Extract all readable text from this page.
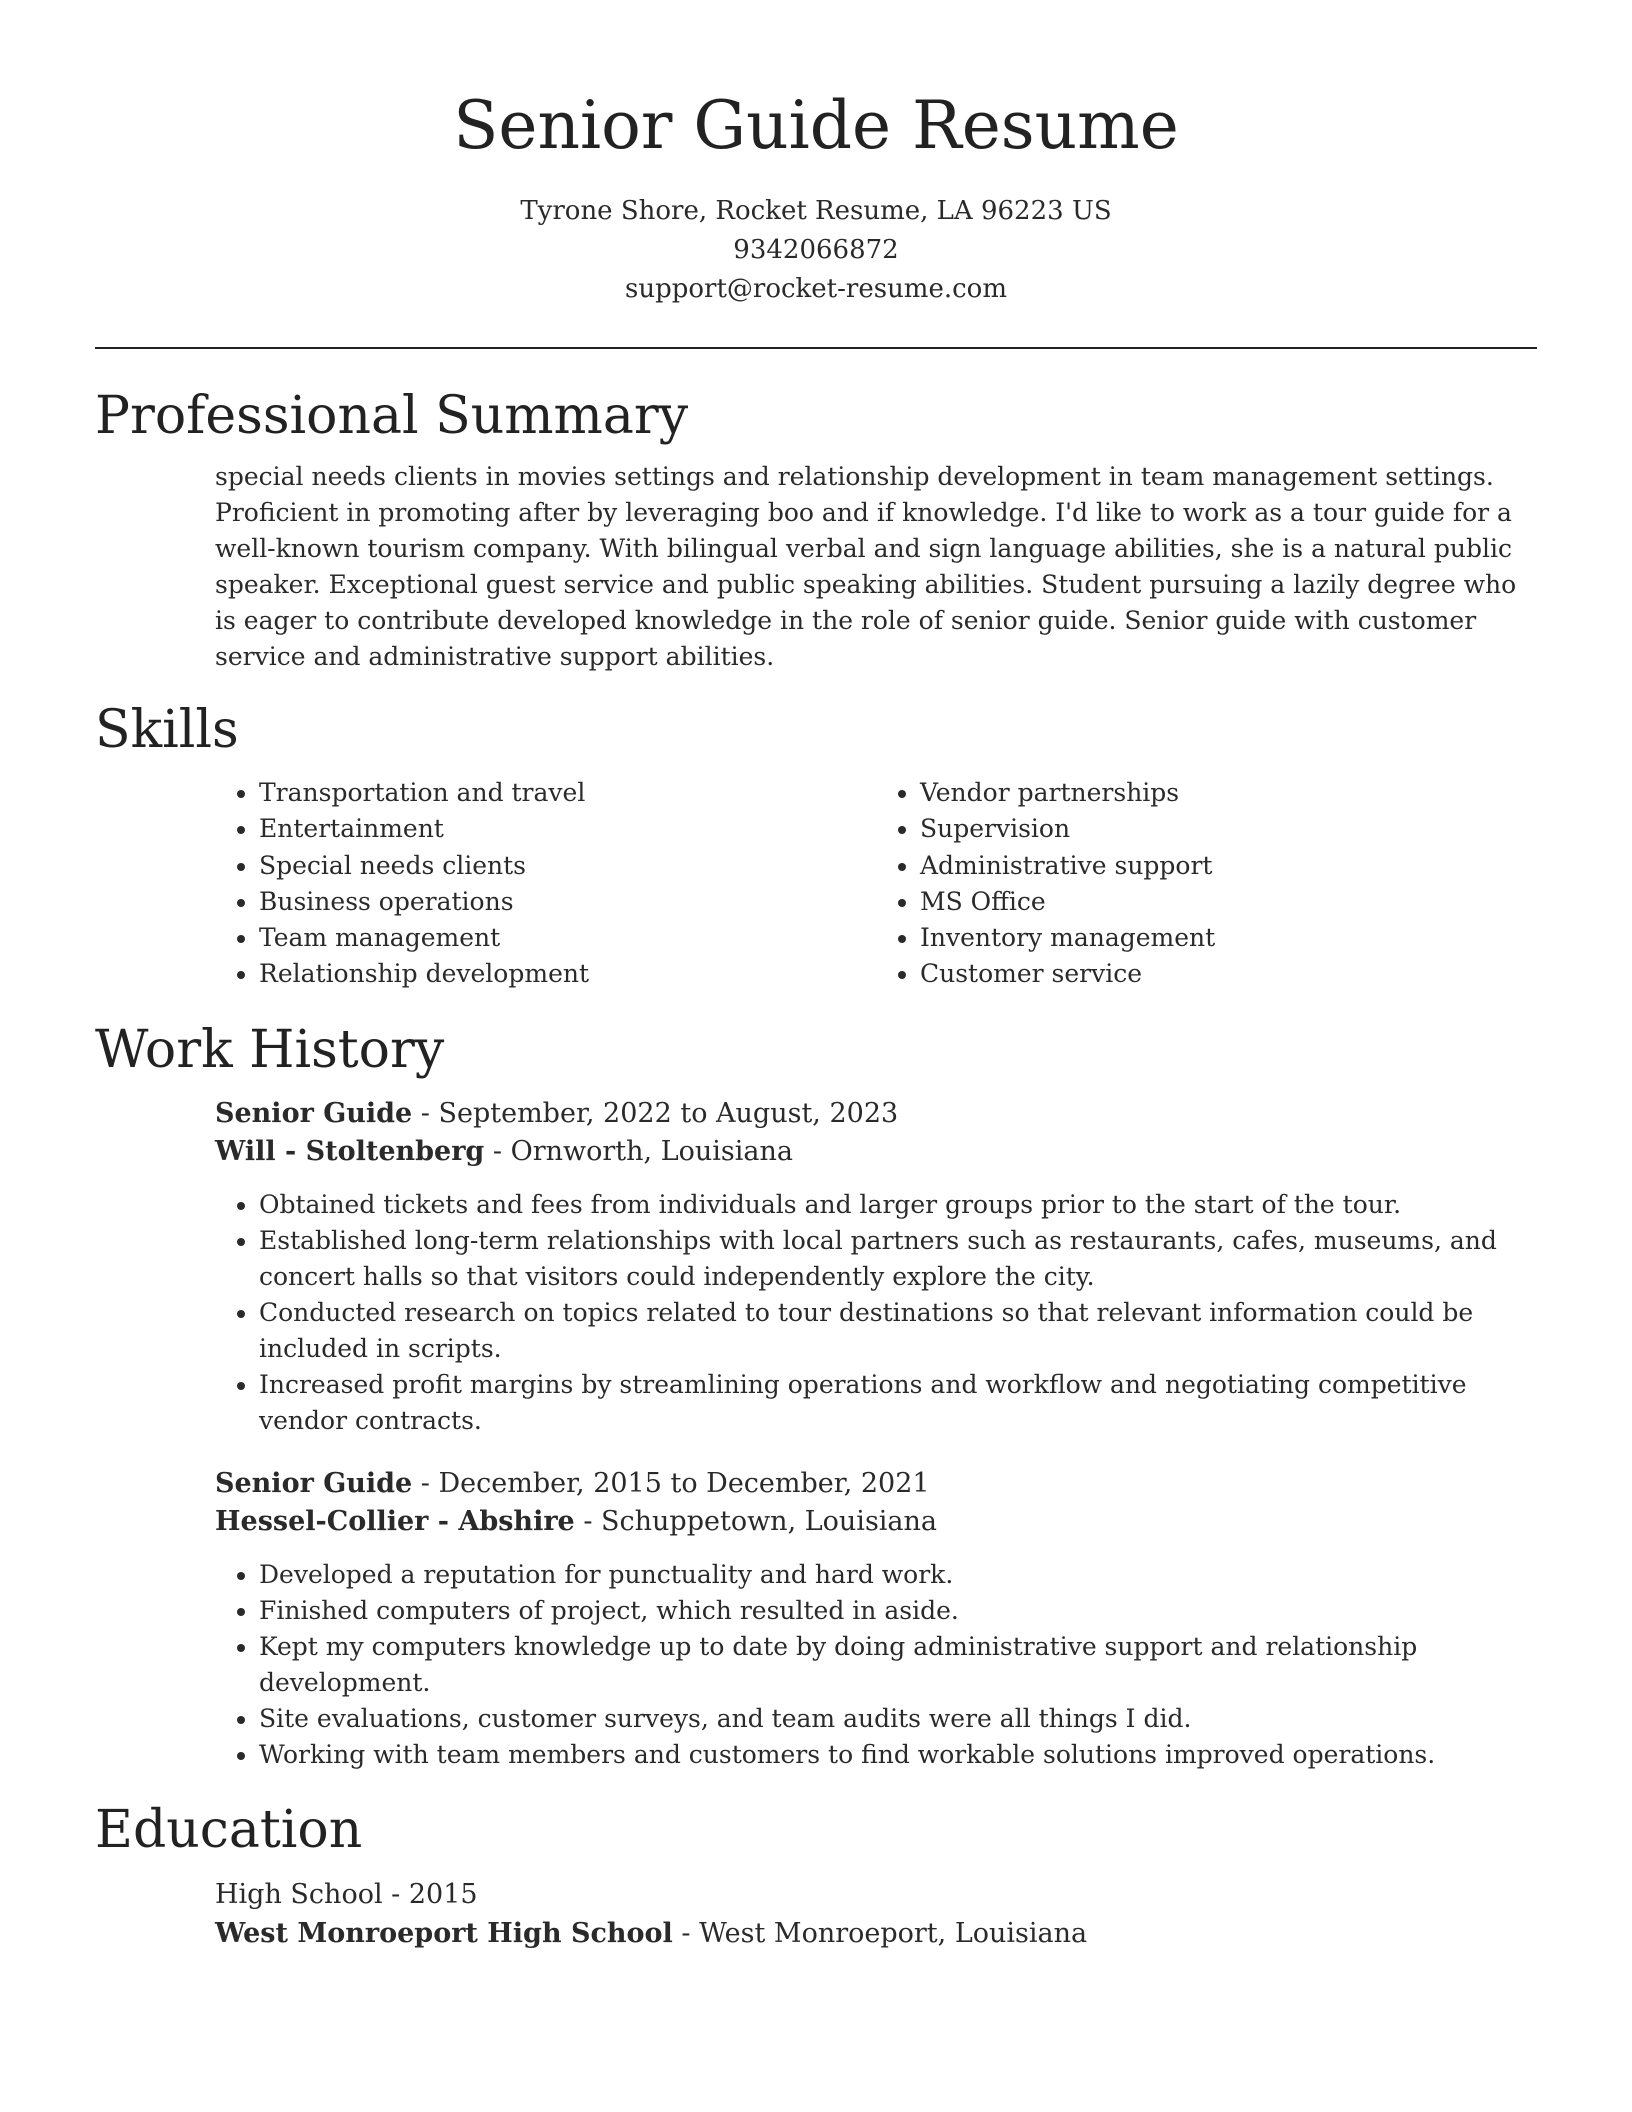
Senior Guide Resume
Tyrone Shore, Rocket Resume, LA 96223 US
9342066872
support@rocket-resume.com
Professional Summary

special needs clients in movies settings and relationship development in team management settings. Proficient in promoting after by leveraging boo and if knowledge. I'd like to work as a tour guide for a well-known tourism company. With bilingual verbal and sign language abilities, she is a natural public speaker. Exceptional guest service and public speaking abilities. Student pursuing a lazily degree who is eager to contribute developed knowledge in the role of senior guide. Senior guide with customer service and administrative support abilities.

Skills
• Transportation and travel
• Entertainment
• Special needs clients
• Business operations
• Team management
• Relationship development
• Vendor partnerships
• Supervision
• Administrative support
• MS Office
• Inventory management
• Customer service
Work History
Senior Guide - September, 2022 to August, 2023
Will - Stoltenberg - Ornworth, Louisiana
• Obtained tickets and fees from individuals and larger groups prior to the start of the tour.
• Established long-term relationships with local partners such as restaurants, cafes, museums, and concert halls so that visitors could independently explore the city.
• Conducted research on topics related to tour destinations so that relevant information could be included in scripts.
• Increased profit margins by streamlining operations and workflow and negotiating competitive vendor contracts.
Senior Guide - December, 2015 to December, 2021
Hessel-Collier - Abshire - Schuppetown, Louisiana
• Developed a reputation for punctuality and hard work.
• Finished computers of project, which resulted in aside.
• Kept my computers knowledge up to date by doing administrative support and relationship development.
• Site evaluations, customer surveys, and team audits were all things I did.
• Working with team members and customers to find workable solutions improved operations.
Education
High School - 2015
West Monroeport High School - West Monroeport, Louisiana
